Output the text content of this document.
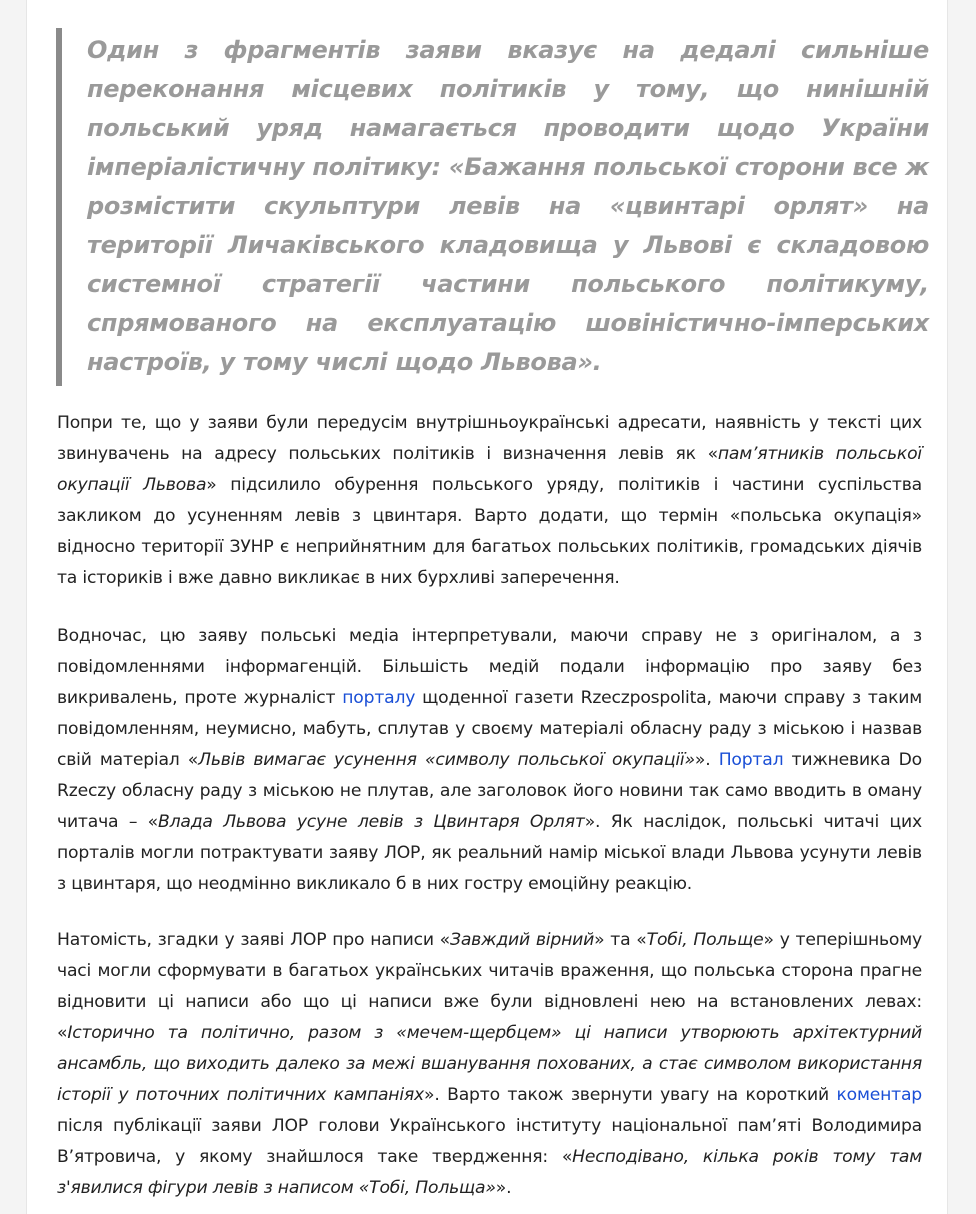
Один з фрагментів заяви вказує на дедалі сильніше переконання місцевих політиків у тому, що нинішній польський уряд намагається проводити щодо України імперіалістичну політику: «Бажання польської сторони все ж розмістити скульптури левів на «цвинтарі орлят» на території Личаківського кладовища у Львові є складовою системної стратегії частини польського політикуму, спрямованого на експлуатацію шовіністично-імперських настроїв, у тому числі щодо Львова».

Попри те, що у заяви були передусім внутрішньоукраїнські адресати, наявність у тексті цих звинувачень на адресу польських політиків і визначення левів як «пам’ятників польської окупації Львова» підсилило обурення польського уряду, політиків і частини суспільства закликом до усуненням левів з цвинтаря. Варто додати, що термін «польська окупація» відносно території ЗУНР є неприйнятним для багатьох польських політиків, громадських діячів та істориків і вже давно викликає в них бурхливі заперечення.

Водночас, цю заяву польські медіа інтерпретували, маючи справу не з оригіналом, а з повідомленнями інформагенцій. Більшість медій подали інформацію про заяву без викривалень, проте журналіст порталу щоденної газети Rzeczpospolita, маючи справу з таким повідомленням, неумисно, мабуть, сплутав у своєму матеріалі обласну раду з міською і назвав свій матеріал «Львів вимагає усунення «символу польської окупації»». Портал тижневика Do Rzeczy обласну раду з міською не плутав, але заголовок його новини так само вводить в оману читача – «Влада Львова усуне левів з Цвинтаря Орлят». Як наслідок, польські читачі цих порталів могли потрактувати заяву ЛОР, як реальний намір міської влади Львова усунути левів з цвинтаря, що неодмінно викликало б в них гостру емоційну реакцію.

Натомість, згадки у заяві ЛОР про написи «Завждий вірний» та «Тобі, Польще» у теперішньому часі могли сформувати в багатьох українських читачів враження, що польська сторона прагне відновити ці написи або що ці написи вже були відновлені нею на встановлених левах: «Історично та політично, разом з «мечем-щербцем» ці написи утворюють архітектурний ансамбль, що виходить далеко за межі вшанування похованих, а стає символом використання історії у поточних політичних кампаніях». Варто також звернути увагу на короткий коментар після публікації заяви ЛОР голови Українського інституту національної пам’яті Володимира В’ятровича, у якому знайшлося таке твердження: «Несподівано, кілька років тому там з'явилися фігури левів з написом «Тобі, Польща»».
